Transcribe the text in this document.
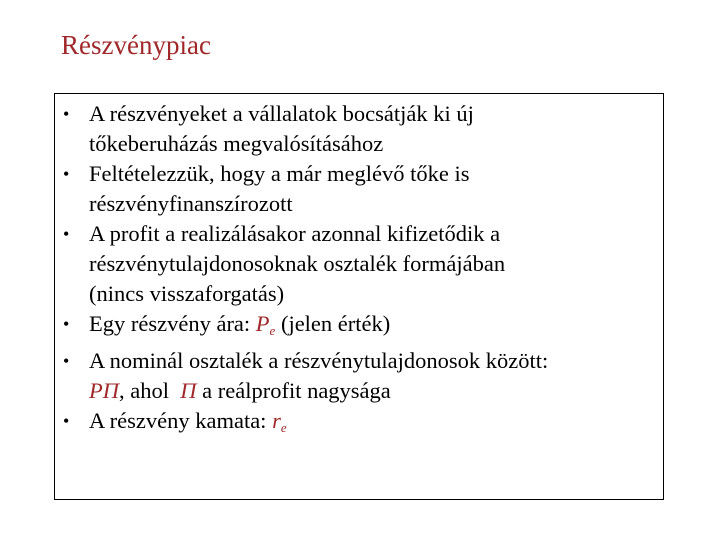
Részvénypiac
• A részvényeket a vállalatok bocsátják ki új
tőkeberuházás megvalósításához
• Feltételezzük, hogy a már meglévő tőke is
részvényfinanszírozott
• A profit a realizálásakor azonnal kifizetődik a
részvénytulajdonosoknak osztalék formájában
(nincs visszaforgatás)
• Egy részvény ára: $P_e$ (jelen érték)
• A nominál osztalék a részvénytulajdonosok között:
PΠ, ahol  Π a reálprofit nagysága
• A részvény kamata: $r_e$
